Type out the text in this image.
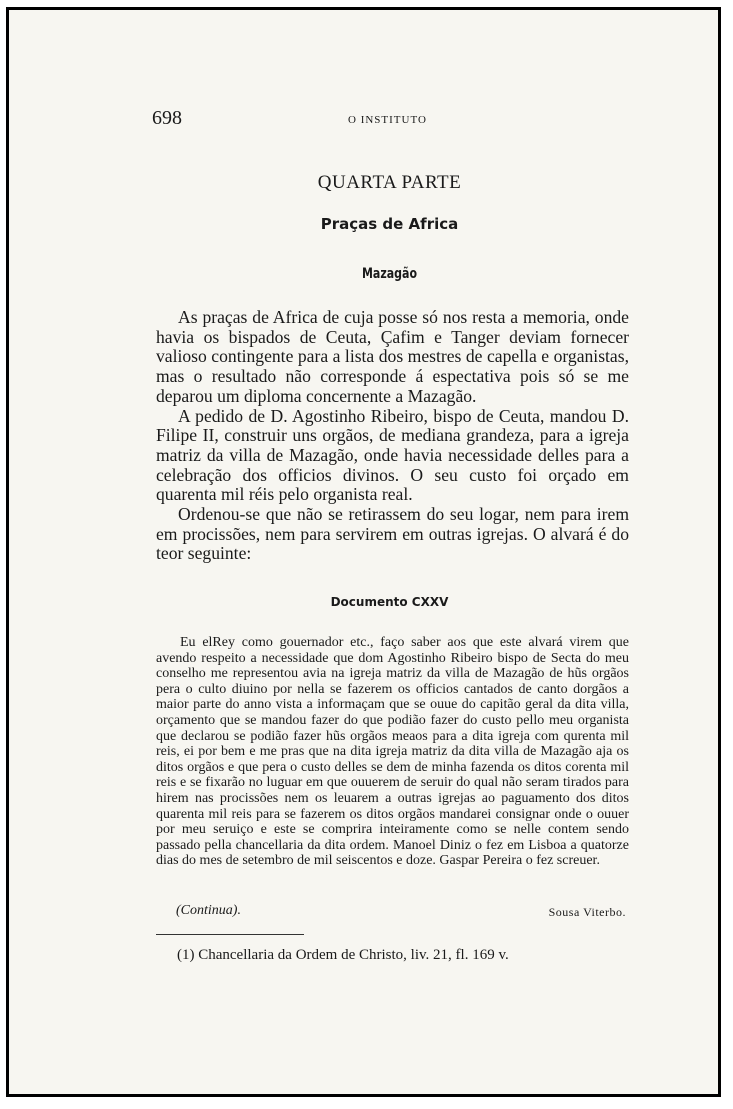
698	O INSTITUTO
QUARTA PARTE
Praças de Africa
Mazagão

As praças de Africa de cuja posse só nos resta a memoria, onde havia os bispados de Ceuta, Çafim e Tanger deviam fornecer valioso contingente para a lista dos mestres de capella e organistas, mas o resultado não corresponde á espectativa pois só se me deparou um diploma concernente a Mazagão.

A pedido de D. Agostinho Ribeiro, bispo de Ceuta, mandou D. Filipe II, construir uns orgãos, de mediana grandeza, para a igreja matriz da villa de Mazagão, onde havia necessidade delles para a celebração dos officios divinos. O seu custo foi orçado em quarenta mil réis pelo organista real.

Ordenou-se que não se retirassem do seu logar, nem para irem em procissões, nem para servirem em outras igrejas. O alvará é do teor seguinte:

Documento CXXV

Eu elRey como gouernador etc., faço saber aos que este alvará virem que avendo respeito a necessidade que dom Agostinho Ribeiro bispo de Secta do meu conselho me representou avia na igreja matriz da villa de Mazagão de hũs orgãos pera o culto diuino por nella se fazerem os officios cantados de canto dorgãos a maior parte do anno vista a informaçam que se ouue do capitão geral da dita villa, orçamento que se mandou fazer do que podião fazer do custo pello meu organista que declarou se podião fazer hũs orgãos meaos para a dita igreja com qurenta mil reis, ei por bem e me pras que na dita igreja matriz da dita villa de Mazagão aja os ditos orgãos e que pera o custo delles se dem de minha fazenda os ditos corenta mil reis e se fixarão no luguar em que ouuerem de seruir do qual não seram tirados para hirem nas procissões nem os leuarem a outras igrejas ao paguamento dos ditos quarenta mil reis para se fazerem os ditos orgãos mandarei consignar onde o ouuer por meu seruiço e este se comprira inteiramente como se nelle contem sendo passado pella chancellaria da dita ordem. Manoel Diniz o fez em Lisboa a quatorze dias do mes de setembro de mil seiscentos e doze. Gaspar Pereira o fez screuer.

(Continua).	Sousa Viterbo.
(1) Chancellaria da Ordem de Christo, liv. 21, fl. 169 v.
